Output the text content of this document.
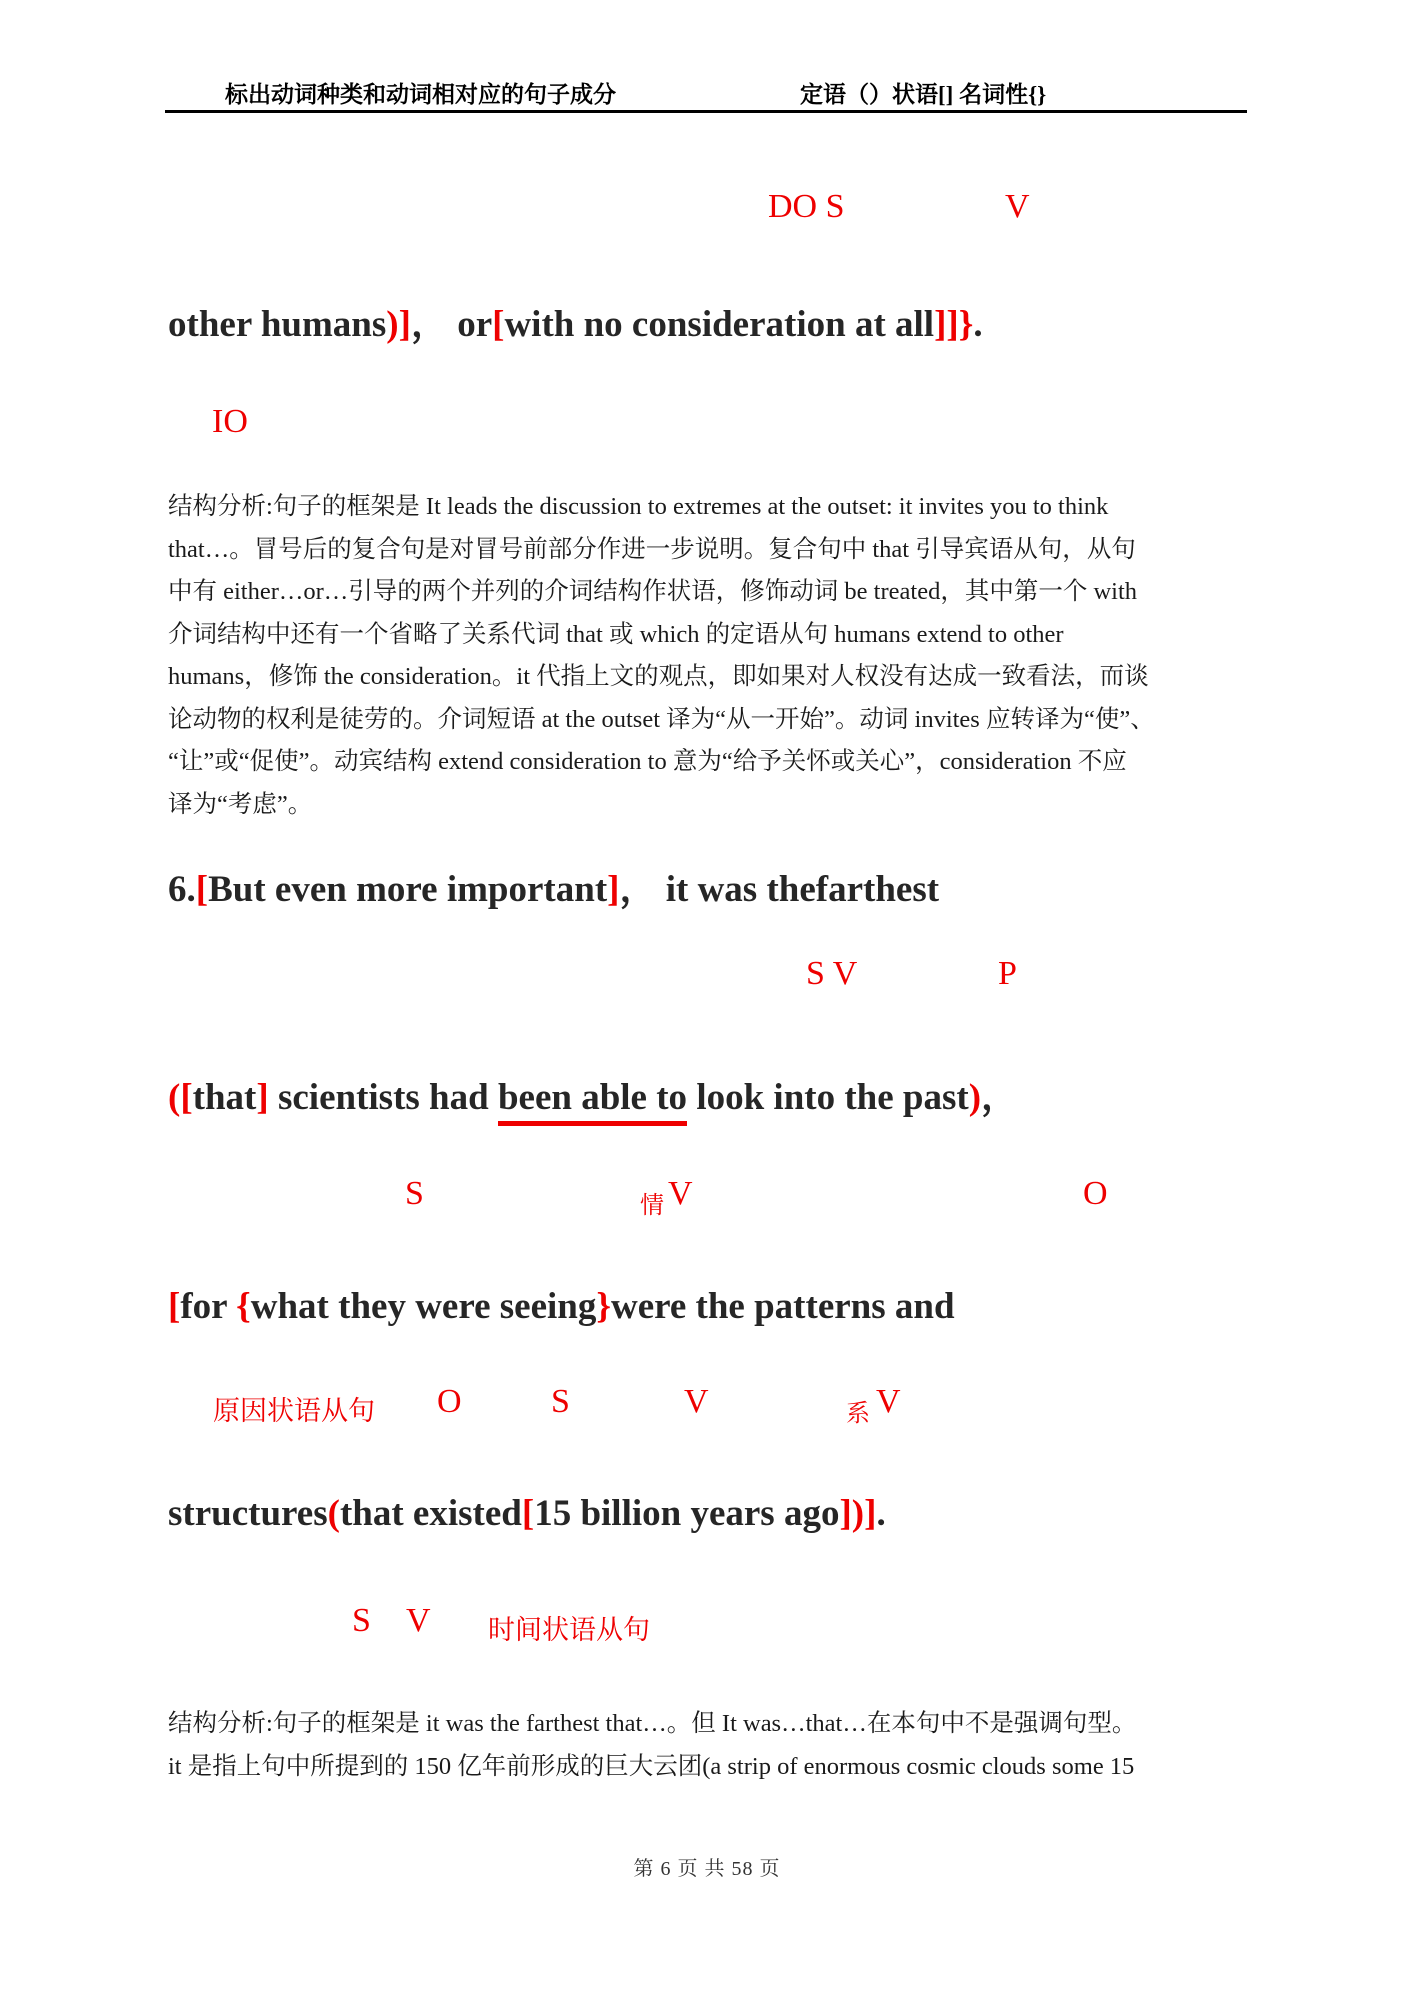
标出动词种类和动词相对应的句子成分	定语（）状语[] 名词性{}
DO S	V
other humans)]， or[with no consideration at all]]}.
IO
结构分析:句子的框架是 It leads the discussion to extremes at the outset: it invites you to think
that…。冒号后的复合句是对冒号前部分作进一步说明。复合句中 that 引导宾语从句，从句
中有 either…or…引导的两个并列的介词结构作状语，修饰动词 be treated，其中第一个 with
介词结构中还有一个省略了关系代词 that 或 which 的定语从句 humans extend to other
humans，修饰 the consideration。it 代指上文的观点，即如果对人权没有达成一致看法，而谈
论动物的权利是徒劳的。介词短语 at the outset 译为“从一开始”。动词 invites 应转译为“使”、
“让”或“促使”。动宾结构 extend consideration to 意为“给予关怀或关心”，consideration 不应
译为“考虑”。
6.[But even more important]， it was thefarthest
S V	P
([that] scientists had been able to look into the past)，
S	情 V	O
[for {what they were seeing}were the patterns and
原因状语从句 O	S	V	系 V
structures(that existed[15 billion years ago])].
S V 时间状语从句
结构分析:句子的框架是 it was the farthest that…。但 It was…that…在本句中不是强调句型。
it 是指上句中所提到的 150 亿年前形成的巨大云团(a strip of enormous cosmic clouds some 15
第 6 页 共 58 页
